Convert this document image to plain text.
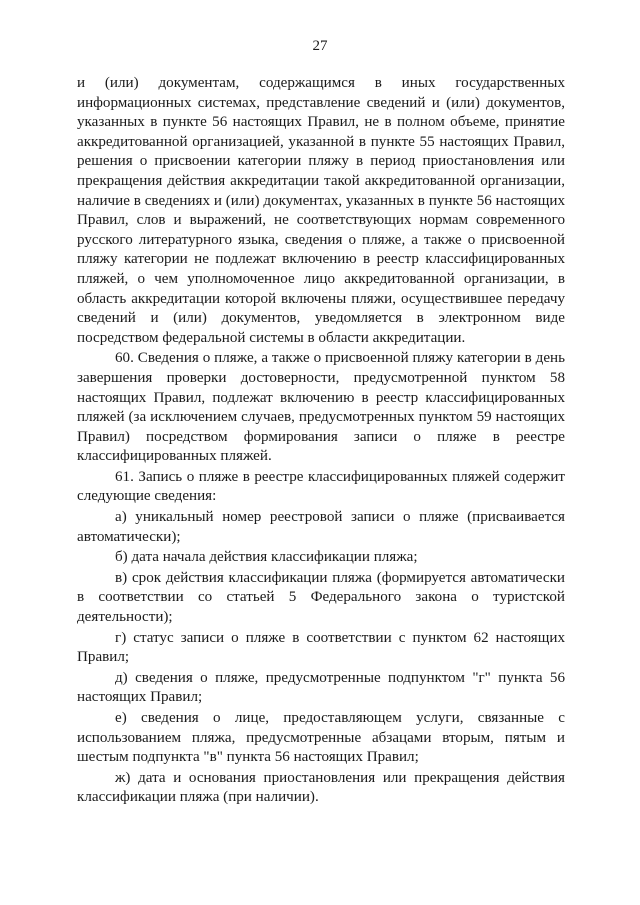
27

и (или) документам, содержащимся в иных государственных информационных системах, представление сведений и (или) документов, указанных в пункте 56 настоящих Правил, не в полном объеме, принятие аккредитованной организацией, указанной в пункте 55 настоящих Правил, решения о присвоении категории пляжу в период приостановления или прекращения действия аккредитации такой аккредитованной организации, наличие в сведениях и (или) документах, указанных в пункте 56 настоящих Правил, слов и выражений, не соответствующих нормам современного русского литературного языка, сведения о пляже, а также о присвоенной пляжу категории не подлежат включению в реестр классифицированных пляжей, о чем уполномоченное лицо аккредитованной организации, в область аккредитации которой включены пляжи, осуществившее передачу сведений и (или) документов, уведомляется в электронном виде посредством федеральной системы в области аккредитации.

60. Сведения о пляже, а также о присвоенной пляжу категории в день завершения проверки достоверности, предусмотренной пунктом 58 настоящих Правил, подлежат включению в реестр классифицированных пляжей (за исключением случаев, предусмотренных пунктом 59 настоящих Правил) посредством формирования записи о пляже в реестре классифицированных пляжей.

61. Запись о пляже в реестре классифицированных пляжей содержит следующие сведения:

а) уникальный номер реестровой записи о пляже (присваивается автоматически);

б) дата начала действия классификации пляжа;

в) срок действия классификации пляжа (формируется автоматически в соответствии со статьей 5 Федерального закона о туристской деятельности);

г) статус записи о пляже в соответствии с пунктом 62 настоящих Правил;

д) сведения о пляже, предусмотренные подпунктом "г" пункта 56 настоящих Правил;

е) сведения о лице, предоставляющем услуги, связанные с использованием пляжа, предусмотренные абзацами вторым, пятым и шестым подпункта "в" пункта 56 настоящих Правил;

ж) дата и основания приостановления или прекращения действия классификации пляжа (при наличии).
